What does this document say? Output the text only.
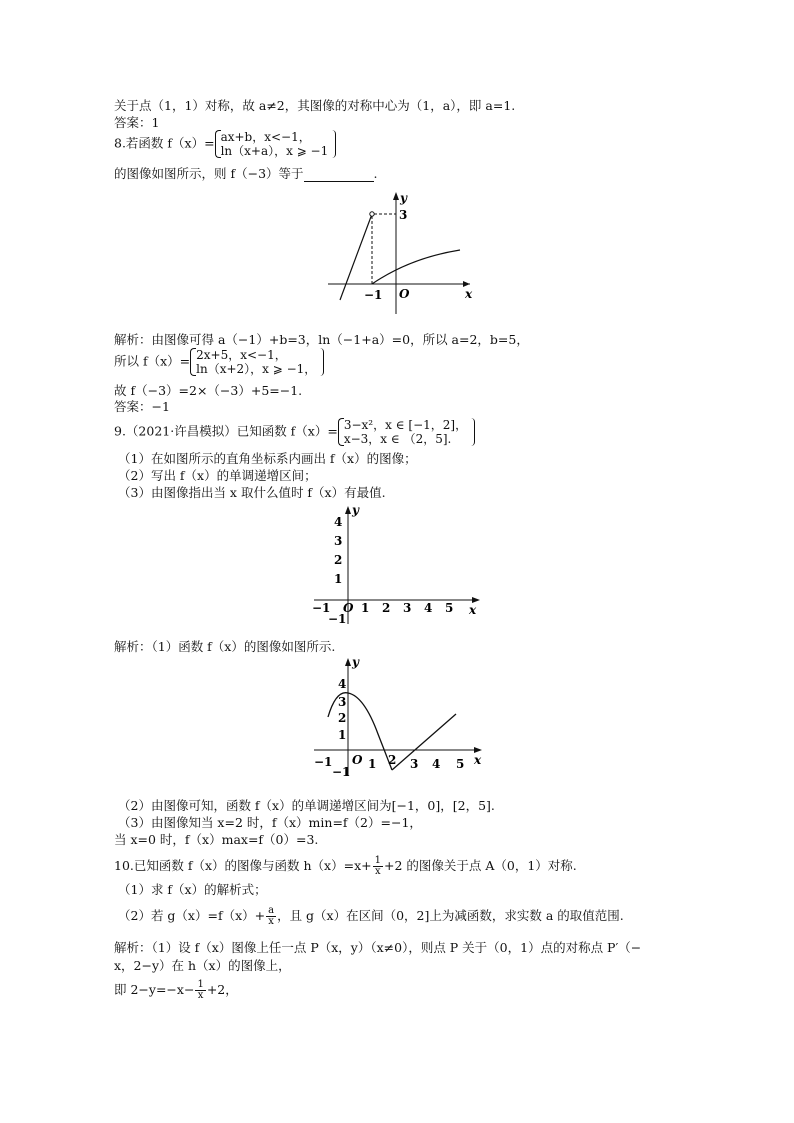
关于点（1，1）对称，故 a≠2，其图像的对称中心为（1，a），即 a=1.
答案：1
8.若函数 f（x）= ax+b，x<−1，
ln（x+a），x ⩾ −1
的图像如图所示，则 f（−3）等于	.
y
x
O
3
−1
解析：由图像可得 a（−1）+b=3，ln（−1+a）=0，所以 a=2，b=5，
所以 f（x）= 2x+5，x<−1，
ln（x+2），x ⩾ −1，
故 f（−3）=2×（−3）+5=−1.
答案：−1
9.（2021·许昌模拟）已知函数 f（x）= 3−x²，x ∈ [−1，2]，
x−3，x ∈ （2，5].
（1）在如图所示的直角坐标系内画出 f（x）的图像；
（2）写出 f（x）的单调递增区间；
（3）由图像指出当 x 取什么值时 f（x）有最值.
y
x
O
−1	1 2 3 4 5
4
3
2
1
−1
解析：（1）函数 f（x）的图像如图所示.
y
x
O
−1	1 2 3 4 5
4
3
2
1
−1
（2）由图像可知，函数 f（x）的单调递增区间为[−1，0]，[2，5].
（3）由图像知当 x=2 时，f（x）min=f（2）=−1，
当 x=0 时，f（x）max=f（0）=3.
10.已知函数 f（x）的图像与函数 $h(x)=x+ \frac{1}{x} +2$ 的图像关于点 A（0，1）对称.
（1）求 f（x）的解析式；
（2）若 $g(x)=f(x)+ \frac{a}{x}$ ，且 g（x）在区间（0，2]上为减函数，求实数 a 的取值范围.
解析：（1）设 f（x）图像上任一点 P（x，y）（x≠0），则点 P 关于（0，1）点的对称点 P′（−
x，2−y）在 h（x）的图像上，
即 $2-y=-x- \frac{1}{x} +2$，
